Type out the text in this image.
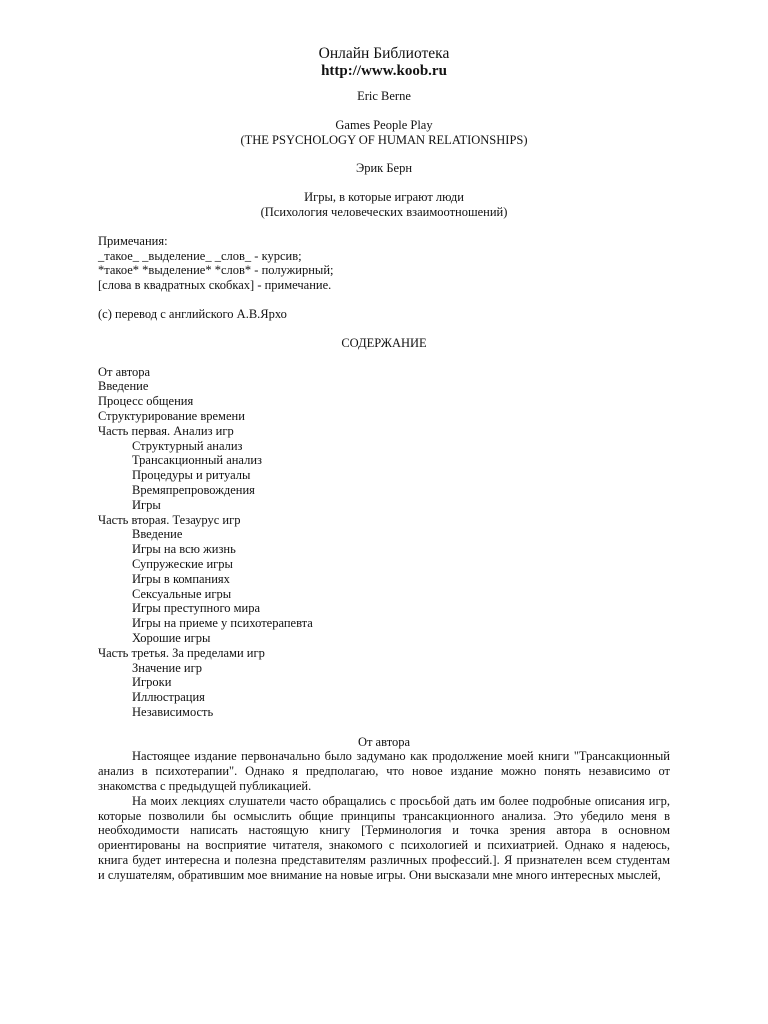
Онлайн Библиотека
http://www.koob.ru
Eric Berne
Games People Play
(THE PSYCHOLOGY OF HUMAN RELATIONSHIPS)
Эрик Берн
Игры, в которые играют люди
(Психология человеческих взаимоотношений)
Примечания:
_такое_ _выделение_ _слов_ - курсив;
*такое* *выделение* *слов* - полужирный;
[слова в квадратных скобках] - примечание.
(с) перевод с английского А.В.Ярхо
СОДЕРЖАНИЕ
От автора
Введение
Процесс общения
Структурирование времени
Часть первая. Анализ игр
Структурный анализ
Трансакционный анализ
Процедуры и ритуалы
Времяпрепровождения
Игры
Часть вторая. Тезаурус игр
Введение
Игры на всю жизнь
Супружеские игры
Игры в компаниях
Сексуальные игры
Игры преступного мира
Игры на приеме у психотерапевта
Хорошие игры
Часть третья. За пределами игр
Значение игр
Игроки
Иллюстрация
Независимость
От автора
Настоящее издание первоначально было задумано как продолжение моей книги "Трансакционный
анализ в психотерапии". Однако я предполагаю, что новое издание можно понять независимо от
знакомства с предыдущей публикацией.
На моих лекциях слушатели часто обращались с просьбой дать им более подробные описания игр,
которые позволили бы осмыслить общие принципы трансакционного анализа. Это убедило меня в
необходимости написать настоящую книгу [Терминология и точка зрения автора в основном
ориентированы на восприятие читателя, знакомого с психологией и психиатрией. Однако я надеюсь,
книга будет интересна и полезна представителям различных профессий.]. Я признателен всем студентам
и слушателям, обратившим мое внимание на новые игры. Они высказали мне много интересных мыслей,
